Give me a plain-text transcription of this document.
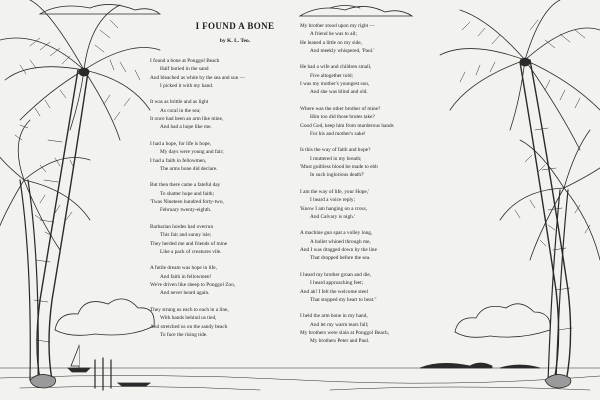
I FOUND A BONE
by K. L. Teo.
I found a bone at Ponggol Beach
Half buried in the sand
And bleached as white by the sea and sun —
I picked it with my hand.
It was as brittle and as light
As coral in the sea;
It once had been an arm like mine,
And had a hope like me.
I had a hope, for life is hope,
My days were young and fair;
I had a faith in fellowmen,
The arms bone did declare.
But then there came a fateful day
To shatter hope and faith;
'Twas Nineteen hundred forty-two,
February twenty-eighth.
Barbarian hordes had overrun
This fair and sunny isle;
They herded me and friends of mine
Like a pack of creatures vile.
A futile dream was hope in life,
And faith in fellowmen!
We're driven like sheep to Ponggol Zoo,
And never heard again.
They strung us each to each in a line,
With hands behind us tied,
And stretched us on the sandy beach
To face the rising tide.
My brother stood upon my right —
A friend he was to all;
He leaned a little on my side,
And meekly whispered, 'Paul.'
He had a wife and children small,
Five altogether told;
I was my mother's youngest son,
And she was blind and old.
Where was the other brother of mine?
Him too did those brutes take?
Good God, keep him from murderous hands
For his and mother's sake!
Is this the way of faith and hope?
I muttered in my breath;
'Must guiltless blood be made to ebb
In such inglorious death?'
I am the way of life, your Hope,'
I heard a voice reply;
'Know I am hanging on a cross,
And Calvary is nigh.'
A machine gun spat a volley long,
A bullet whined through me,
And I was dragged down by the line
That dropped before the sea.
I heard my brother groan and die,
I heard approaching feet;
And ah! I felt the welcome steel
That stopped my heart to beat."
I held the arm bone in my hand,
And let my warm tears fall;
My brothers were slain at Ponggol Beach,
My brothers Peter and Paul.
